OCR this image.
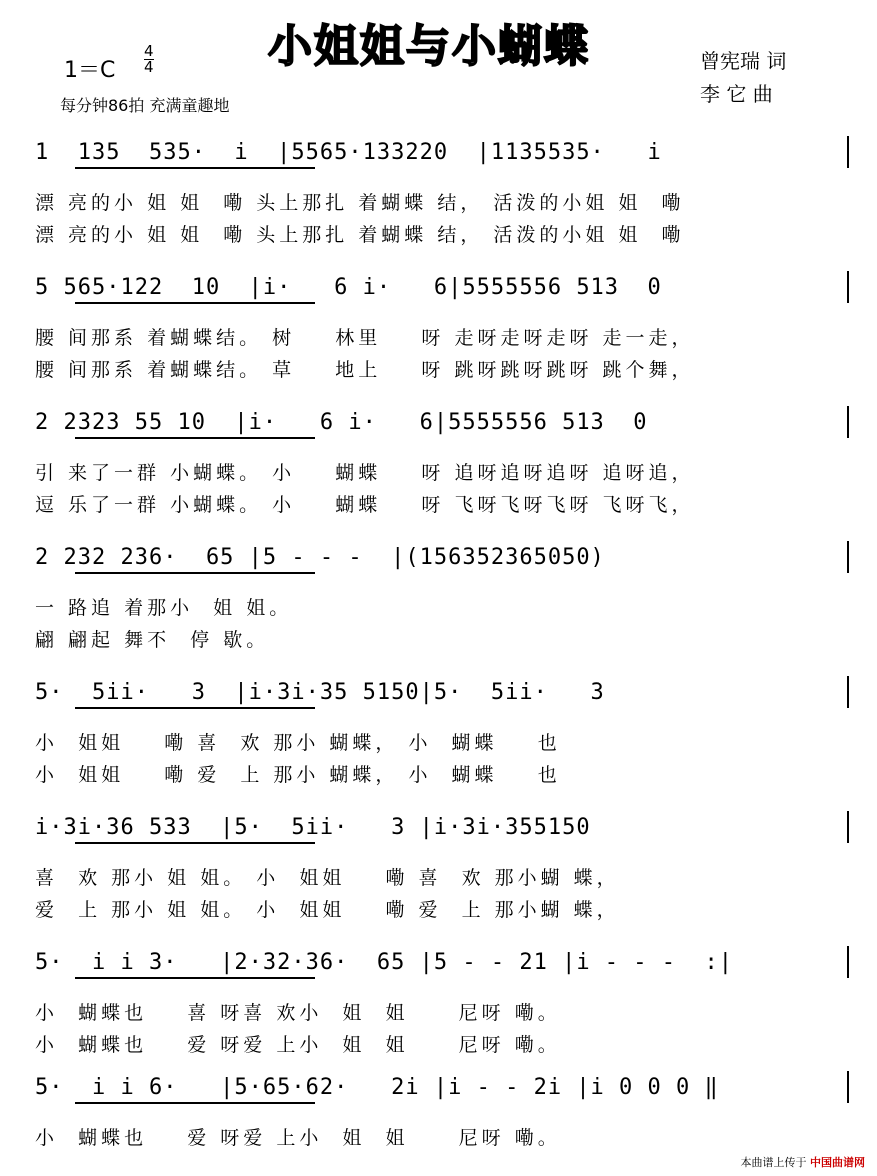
小姐姐与小蝴蝶
$1=C \frac{4}{4}$
每分钟86拍 充满童趣地
曾宪瑞 词
李 它 曲
1  135  535·  i  |5565·133220  |1135535·   i
漂 亮的小 姐 姐  嘞 头上那扎 着蝴蝶 结， 活泼的小姐 姐  嘞
漂 亮的小 姐 姐  嘞 头上那扎 着蝴蝶 结， 活泼的小姐 姐  嘞
5 565·122  10  |i·   6 i·   6|5555556 513  0
腰 间那系 着蝴蝶结。 树    林里    呀 走呀走呀走呀 走一走，
腰 间那系 着蝴蝶结。 草    地上    呀 跳呀跳呀跳呀 跳个舞，
2 2323 55 10  |i·   6 i·   6|5555556 513  0
引 来了一群 小蝴蝶。 小    蝴蝶    呀 追呀追呀追呀 追呀追，
逗 乐了一群 小蝴蝶。 小    蝴蝶    呀 飞呀飞呀飞呀 飞呀飞，
2 232 236·  65 |5 - - -  |(156352365050)
一 路追 着那小  姐 姐。
翩 翩起 舞不  停 歇。
5·  5ii·   3  |i·3i·35 5150|5·  5ii·   3
小  姐姐    嘞 喜  欢 那小 蝴蝶， 小  蝴蝶    也
小  姐姐    嘞 爱  上 那小 蝴蝶， 小  蝴蝶    也
i·3i·36 533  |5·  5ii·   3 |i·3i·355150
喜  欢 那小 姐 姐。 小  姐姐    嘞 喜  欢 那小蝴 蝶，
爱  上 那小 姐 姐。 小  姐姐    嘞 爱  上 那小蝴 蝶，
5·  i i 3·   |2·32·36·  65 |5 - - 21 |i - - -  :|
小  蝴蝶也    喜 呀喜 欢小  姐  姐     尼呀 嘞。
小  蝴蝶也    爱 呀爱 上小  姐  姐     尼呀 嘞。
5·  i i 6·   |5·65·62·   2i |i - - 2i |i 0 0 0 ‖
小  蝴蝶也    爱 呀爱 上小  姐  姐     尼呀 嘞。
本曲谱上传于 中国曲谱网
